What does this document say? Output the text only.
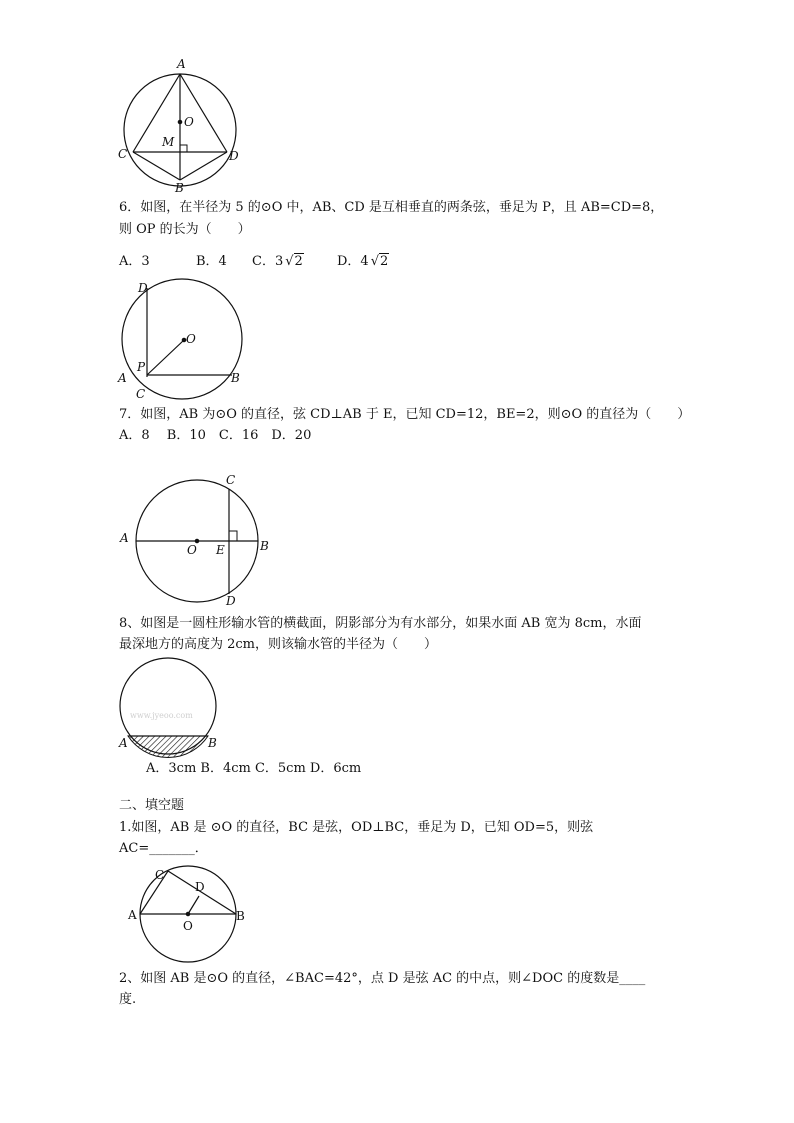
A
O
M
C	D
B
6．如图，在半径为 5 的⊙O 中，AB、CD 是互相垂直的两条弦，垂足为 P，且 AB=CD=8，
则 OP 的长为（　　）
A．3	B．4 C．3 √2	D．4 √2
D
O
P
A	B
C
7．如图，AB 为⊙O 的直径，弦 CD⊥AB 于 E，已知 CD=12，BE=2，则⊙O 的直径为（　　）
A．8　 B．10　C．16　D．20
C
A
O E	B
D
8、如图是一圆柱形输水管的横截面，阴影部分为有水部分，如果水面 AB 宽为 8cm，水面
最深地方的高度为 2cm，则该输水管的半径为（　　）
www.jyeoo.com
A	B
A．3cm B．4cm C．5cm D．6cm
二、填空题
1.如图，AB 是 ⊙O 的直径，BC 是弦，OD⊥BC，垂足为 D，已知 OD=5，则弦
AC=_______．
C
D
A	B
O
2、如图 AB 是⊙O 的直径，∠BAC=42°，点 D 是弦 AC 的中点，则∠DOC 的度数是____
度.
